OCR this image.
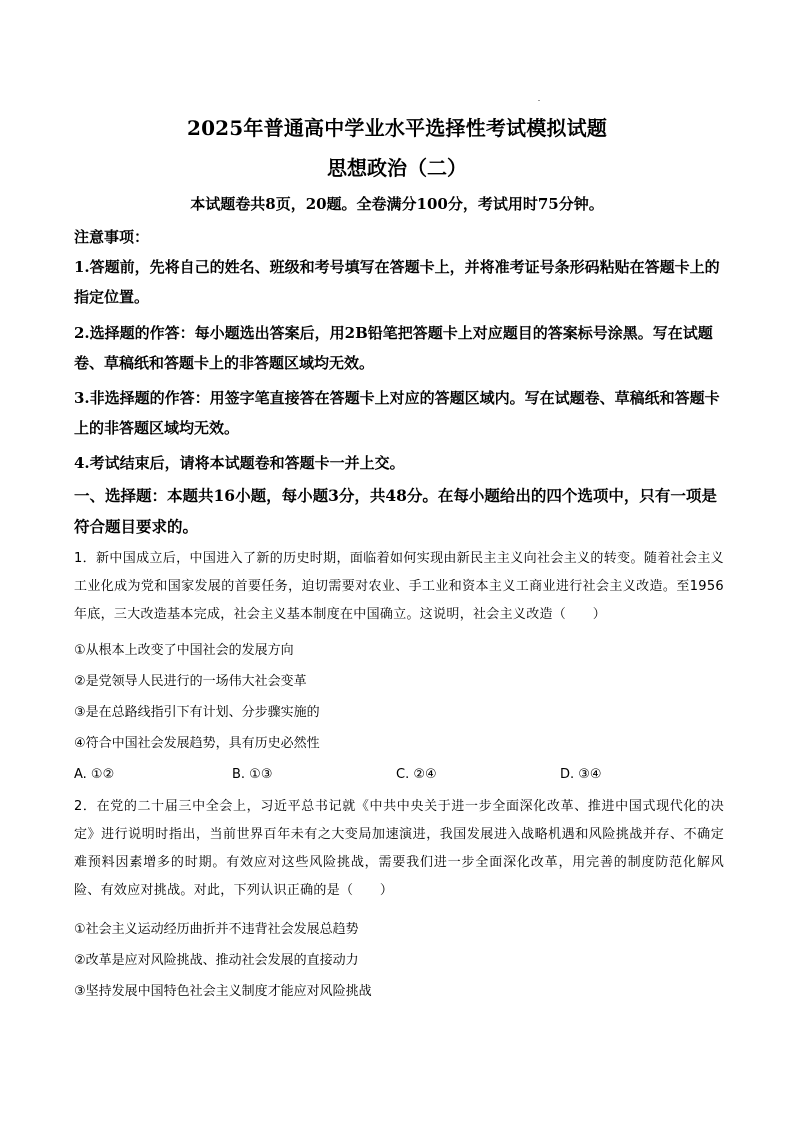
2025年普通高中学业水平选择性考试模拟试题
思想政治（二）
本试题卷共8页，20题。全卷满分100分，考试用时75分钟。
注意事项：
1.答题前，先将自己的姓名、班级和考号填写在答题卡上，并将准考证号条形码粘贴在答题卡上的指定位置。
2.选择题的作答：每小题选出答案后，用2B铅笔把答题卡上对应题目的答案标号涂黑。写在试题卷、草稿纸和答题卡上的非答题区域均无效。
3.非选择题的作答：用签字笔直接答在答题卡上对应的答题区域内。写在试题卷、草稿纸和答题卡上的非答题区域均无效。
4.考试结束后，请将本试题卷和答题卡一并上交。
一、选择题：本题共16小题，每小题3分，共48分。在每小题给出的四个选项中，只有一项是符合题目要求的。
1．新中国成立后，中国进入了新的历史时期，面临着如何实现由新民主主义向社会主义的转变。随着社会主义工业化成为党和国家发展的首要任务，迫切需要对农业、手工业和资本主义工商业进行社会主义改造。至1956年底，三大改造基本完成，社会主义基本制度在中国确立。这说明，社会主义改造（　　）
①从根本上改变了中国社会的发展方向
②是党领导人民进行的一场伟大社会变革
③是在总路线指引下有计划、分步骤实施的
④符合中国社会发展趋势，具有历史必然性
A. ①②	B. ①③	C. ②④	D. ③④
2．在党的二十届三中全会上，习近平总书记就《中共中央关于进一步全面深化改革、推进中国式现代化的决定》进行说明时指出，当前世界百年未有之大变局加速演进，我国发展进入战略机遇和风险挑战并存、不确定难预料因素增多的时期。有效应对这些风险挑战，需要我们进一步全面深化改革，用完善的制度防范化解风险、有效应对挑战。对此，下列认识正确的是（　　）
①社会主义运动经历曲折并不违背社会发展总趋势
②改革是应对风险挑战、推动社会发展的直接动力
③坚持发展中国特色社会主义制度才能应对风险挑战
